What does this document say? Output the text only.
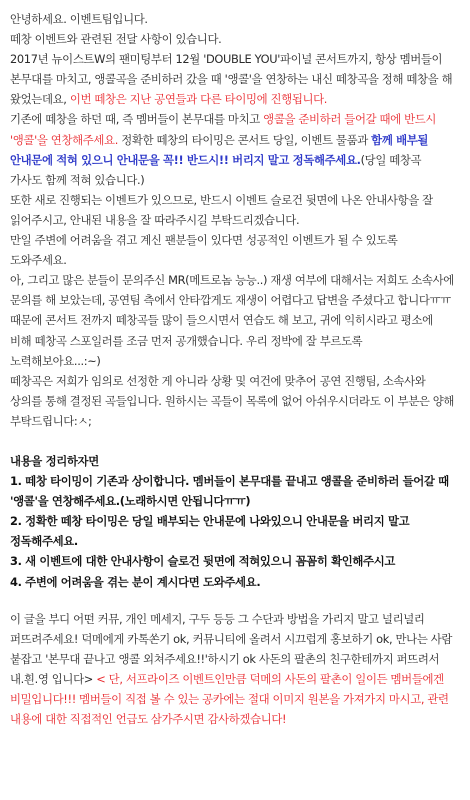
안녕하세요. 이벤트팀입니다.

떼창 이벤트와 관련된 전달 사항이 있습니다.

2017년 뉴이스트W의 팬미팅부터 12월 'DOUBLE YOU'파이널 콘서트까지, 항상 멤버들이 본무대를 마치고, 앵콜곡을 준비하러 갔을 때 '앵콜'을 연창하는 내신 떼창곡을 정해 떼창을 해 왔었는데요, 이번 떼창은 지난 공연들과 다른 타이밍에 진행됩니다.

기존에 떼창을 하던 때, 즉 멤버들이 본무대를 마치고 앵콜을 준비하러 들어갈 때에 반드시 '앵콜'을 연창해주세요. 정확한 떼창의 타이밍은 콘서트 당일, 이벤트 물품과 함께 배부될 안내문에 적혀 있으니 안내문을 꼭!! 반드시!! 버리지 말고 정독해주세요.(당일 떼창곡 가사도 함께 적혀 있습니다.)

또한 새로 진행되는 이벤트가 있으므로, 반드시 이벤트 슬로건 뒷면에 나온 안내사항을 잘 읽어주시고, 안내된 내용을 잘 따라주시길 부탁드리겠습니다.

만일 주변에 어려움을 겪고 계신 팬분들이 있다면 성공적인 이벤트가 될 수 있도록 도와주세요.

아, 그리고 많은 분들이 문의주신 MR(메트로놈 능능..) 재생 여부에 대해서는 저희도 소속사에 문의를 해 보았는데, 공연팀 측에서 안타깝게도 재생이 어렵다고 답변을 주셨다고 합니다ㅠㅠ 때문에 콘서트 전까지 떼창곡들 많이 들으시면서 연습도 해 보고, 귀에 익히시라고 평소에 비해 떼창곡 스포일러를 조금 먼저 공개했습니다. 우리 정박에 잘 부르도록 노력해보아요...:~)

떼창곡은 저희가 임의로 선정한 게 아니라 상황 및 여건에 맞추어 공연 진행팀, 소속사와 상의를 통해 결정된 곡들입니다. 원하시는 곡들이 목록에 없어 아쉬우시더라도 이 부분은 양해 부탁드립니다:ㅅ;

내용을 정리하자면

1. 떼창 타이밍이 기존과 상이합니다. 멤버들이 본무대를 끝내고 앵콜을 준비하러 들어갈 때 '앵콜'을 연창해주세요.(노래하시면 안됩니다ㅠㅠ)

2. 정확한 떼창 타이밍은 당일 배부되는 안내문에 나와있으니 안내문을 버리지 말고 정독해주세요.

3. 새 이벤트에 대한 안내사항이 슬로건 뒷면에 적혀있으니 꼼꼼히 확인해주시고

4. 주변에 어려움을 겪는 분이 계시다면 도와주세요.

이 글을 부디 어떤 커뮤, 개인 메세지, 구두 등등 그 수단과 방법을 가리지 말고 널리널리 퍼뜨려주세요! 덕메에게 카톡쏜기 ok, 커뮤니티에 올려서 시끄럽게 홍보하기 ok, 만나는 사람 붙잡고 '본무대 끝나고 앵콜 외쳐주세요!!'하시기 ok 사돈의 팔촌의 친구한테까지 퍼뜨려서 내.흰.영 입니다> < 단, 서프라이즈 이벤트인만큼 덕메의 사돈의 팔촌이 일이든 멤버들에겐 비밀입니다!!! 멤버들이 직접 볼 수 있는 공카에는 절대 이미지 원본을 가져가지 마시고, 관련 내용에 대한 직접적인 언급도 삼가주시면 감사하겠습니다!
